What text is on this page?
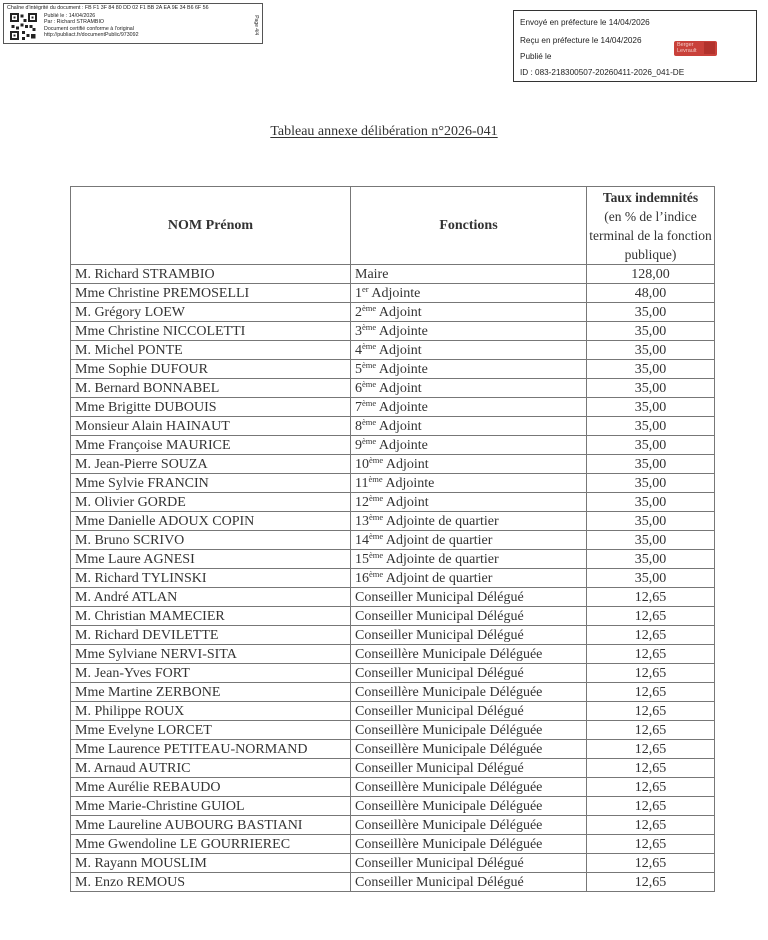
Chaîne d'intégrité du document : FB F1 3F 84 80 DD 02 F1 BB 2A EA 9E 34 B6 6F 56
Publié le : 14/04/2026
Par : Richard STRAMBIO
Document certifié conforme à l'original
http://publiact.fr/documentPublic/973092	Page 4/4	Envoyé en préfecture le 14/04/2026
Reçu en préfecture le 14/04/2026
Publié le
ID : 083-218300507-20260411-2026_041-DE
Berger
Levrault
Tableau annexe délibération n°2026-041
NOM Prénom	Fonctions	Taux indemnités
(en % de l’indice terminal de la fonction publique)

M. Richard STRAMBIO	Maire	128,00
Mme Christine PREMOSELLI	1er Adjointe	48,00
M. Grégory LOEW	2ème Adjoint	35,00
Mme Christine NICCOLETTI	3ème Adjointe	35,00
M. Michel PONTE	4ème Adjoint	35,00
Mme Sophie DUFOUR	5ème Adjointe	35,00
M. Bernard BONNABEL	6ème Adjoint	35,00
Mme Brigitte DUBOUIS	7ème Adjointe	35,00
Monsieur Alain HAINAUT	8ème Adjoint	35,00
Mme Françoise MAURICE	9ème Adjointe	35,00
M. Jean-Pierre SOUZA	10ème Adjoint	35,00
Mme Sylvie FRANCIN	11ème Adjointe	35,00
M. Olivier GORDE	12ème Adjoint	35,00
Mme Danielle ADOUX COPIN	13ème Adjointe de quartier	35,00
M. Bruno SCRIVO	14ème Adjoint de quartier	35,00
Mme Laure AGNESI	15ème Adjointe de quartier	35,00
M. Richard TYLINSKI	16ème Adjoint de quartier	35,00
M. André ATLAN	Conseiller Municipal Délégué	12,65
M. Christian MAMECIER	Conseiller Municipal Délégué	12,65
M. Richard DEVILETTE	Conseiller Municipal Délégué	12,65
Mme Sylviane NERVI-SITA	Conseillère Municipale Déléguée	12,65
M. Jean-Yves FORT	Conseiller Municipal Délégué	12,65
Mme Martine ZERBONE	Conseillère Municipale Déléguée	12,65
M. Philippe ROUX	Conseiller Municipal Délégué	12,65
Mme Evelyne LORCET	Conseillère Municipale Déléguée	12,65
Mme Laurence PETITEAU-NORMAND	Conseillère Municipale Déléguée	12,65
M. Arnaud AUTRIC	Conseiller Municipal Délégué	12,65
Mme Aurélie REBAUDO	Conseillère Municipale Déléguée	12,65
Mme Marie-Christine GUIOL	Conseillère Municipale Déléguée	12,65
Mme Laureline AUBOURG BASTIANI	Conseillère Municipale Déléguée	12,65
Mme Gwendoline LE GOURRIEREC	Conseillère Municipale Déléguée	12,65
M. Rayann MOUSLIM	Conseiller Municipal Délégué	12,65
M. Enzo REMOUS	Conseiller Municipal Délégué	12,65
